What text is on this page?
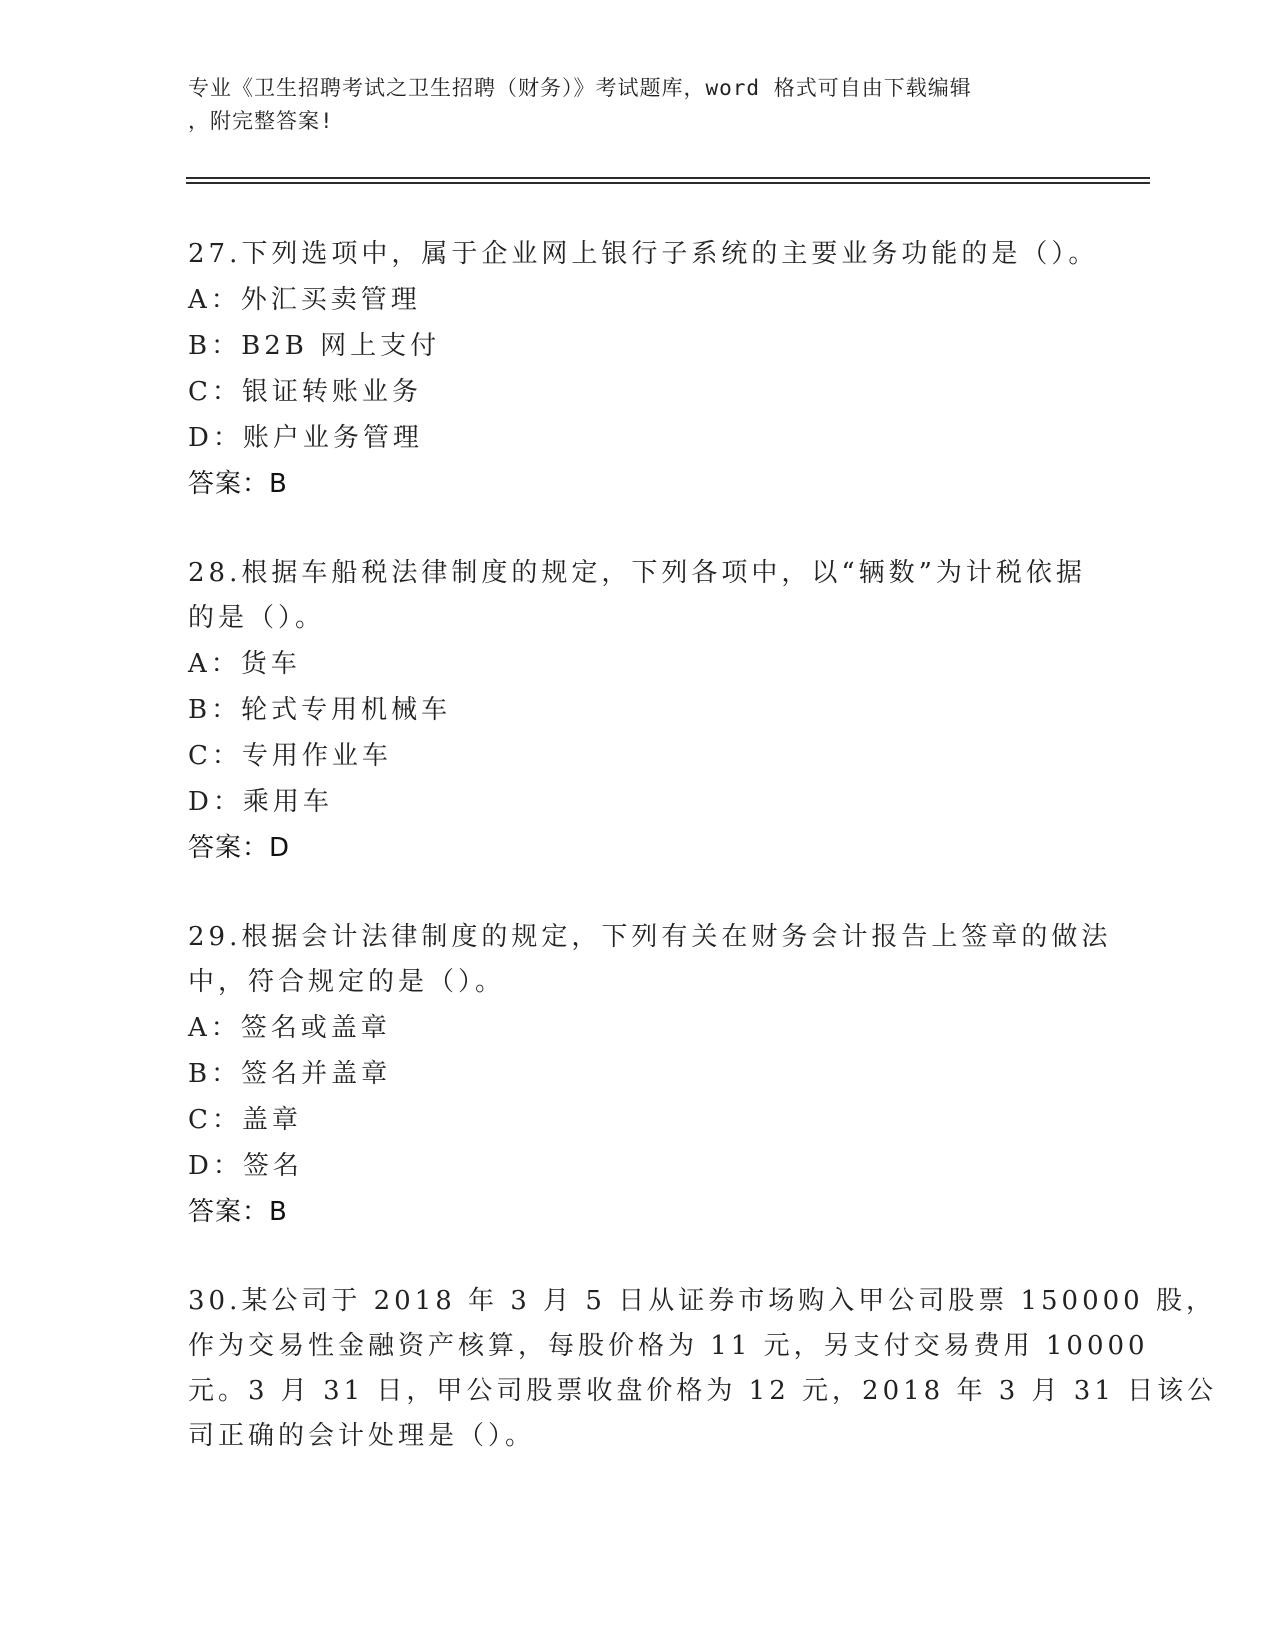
专业《卫生招聘考试之卫生招聘（财务）》考试题库，word 格式可自由下载编辑
，附完整答案!
27.下列选项中，属于企业网上银行子系统的主要业务功能的是（）。
A：外汇买卖管理
B：B2B 网上支付
C：银证转账业务
D：账户业务管理
答案：B
28.根据车船税法律制度的规定，下列各项中，以“辆数”为计税依据
的是（）。
A：货车
B：轮式专用机械车
C：专用作业车
D：乘用车
答案：D
29.根据会计法律制度的规定，下列有关在财务会计报告上签章的做法
中，符合规定的是（）。
A：签名或盖章
B：签名并盖章
C：盖章
D：签名
答案：B
30.某公司于 2018 年 3 月 5 日从证券市场购入甲公司股票 150000 股，
作为交易性金融资产核算，每股价格为 11 元，另支付交易费用 10000
元。3 月 31 日，甲公司股票收盘价格为 12 元，2018 年 3 月 31 日该公
司正确的会计处理是（）。
